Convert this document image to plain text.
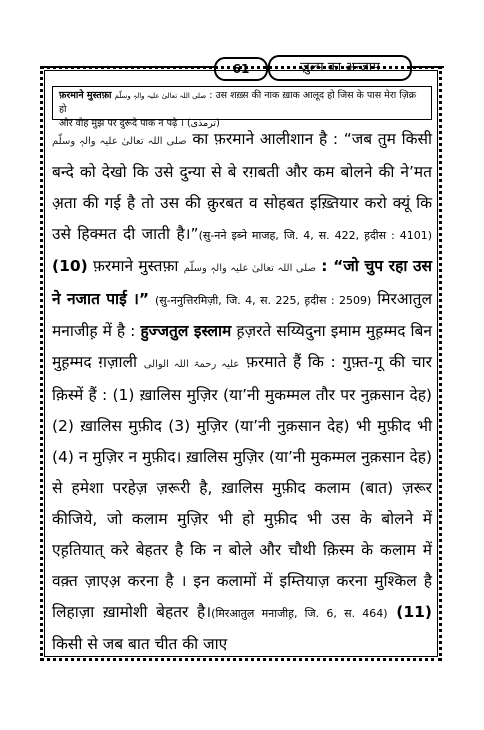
61	ज़ुल्म का अन्जाम
फ़रमाने मुस्तफ़ा صلی اللہ تعالیٰ علیہ والہٖ وسلّم : उस शख़्स की नाक ख़ाक आलूद हो जिस के पास मेरा ज़िक्र हो
और वोह मुझ पर दुरूदे पाक न पढ़े । (ترمذی)

صلی اللہ تعالیٰ علیہ والہٖ وسلّم का फ़रमाने आलीशान है : “जब तुम किसी बन्दे को देखो कि उसे दुन्या से बे रग़बती और कम बोलने की ने’मत अ़ता की गई है तो उस की क़ुरबत व सोहबत इख़्तियार करो क्यूं कि उसे हिक्मत दी जाती है।”(सु-नने इब्ने माजह, जि. 4, स. 422, ह़दीस : 4101) (10) फ़रमाने मुस्तफ़ा صلی اللہ تعالیٰ علیہ والہٖ وسلّم : “जो चुप रहा उस ने नजात पाई ।” (सु-ननुत्तिरमिज़ी, जि. 4, स. 225, ह़दीस : 2509) मिरआतुल मनाजीह़ में है : हुज्जतुल इस्लाम ह़ज़रते सय्यिदुना इमाम मुह़म्मद बिन मुह़म्मद ग़ज़ाली علیہ رحمۃ اللہ الوالی फ़रमाते हैं कि : गुफ़्त-गू की चार क़िस्में हैं : (1) ख़ालिस मुज़िर (या’नी मुकम्मल तौर पर नुक़सान देह) (2) ख़ालिस मुफ़ीद (3) मुज़िर (या’नी नुक़सान देह) भी मुफ़ीद भी (4) न मुज़िर न मुफ़ीद। ख़ालिस मुज़िर (या’नी मुकम्मल नुक़सान देह) से हमेशा परहेज़ ज़रूरी है, ख़ालिस मुफ़ीद कलाम (बात) ज़रूर कीजिये, जो कलाम मुज़िर भी हो मुफ़ीद भी उस के बोलने में एह़तियात् करे बेहतर है कि न बोले और चौथी क़िस्म के कलाम में वक़्त ज़ाएअ़ करना है । इन कलामों में इम्तियाज़ करना मुश्किल है लिहाज़ा ख़ामोशी बेहतर है।(मिरआतुल मनाजीह़, जि. 6, स. 464) (11) किसी से जब बात चीत की जाए
